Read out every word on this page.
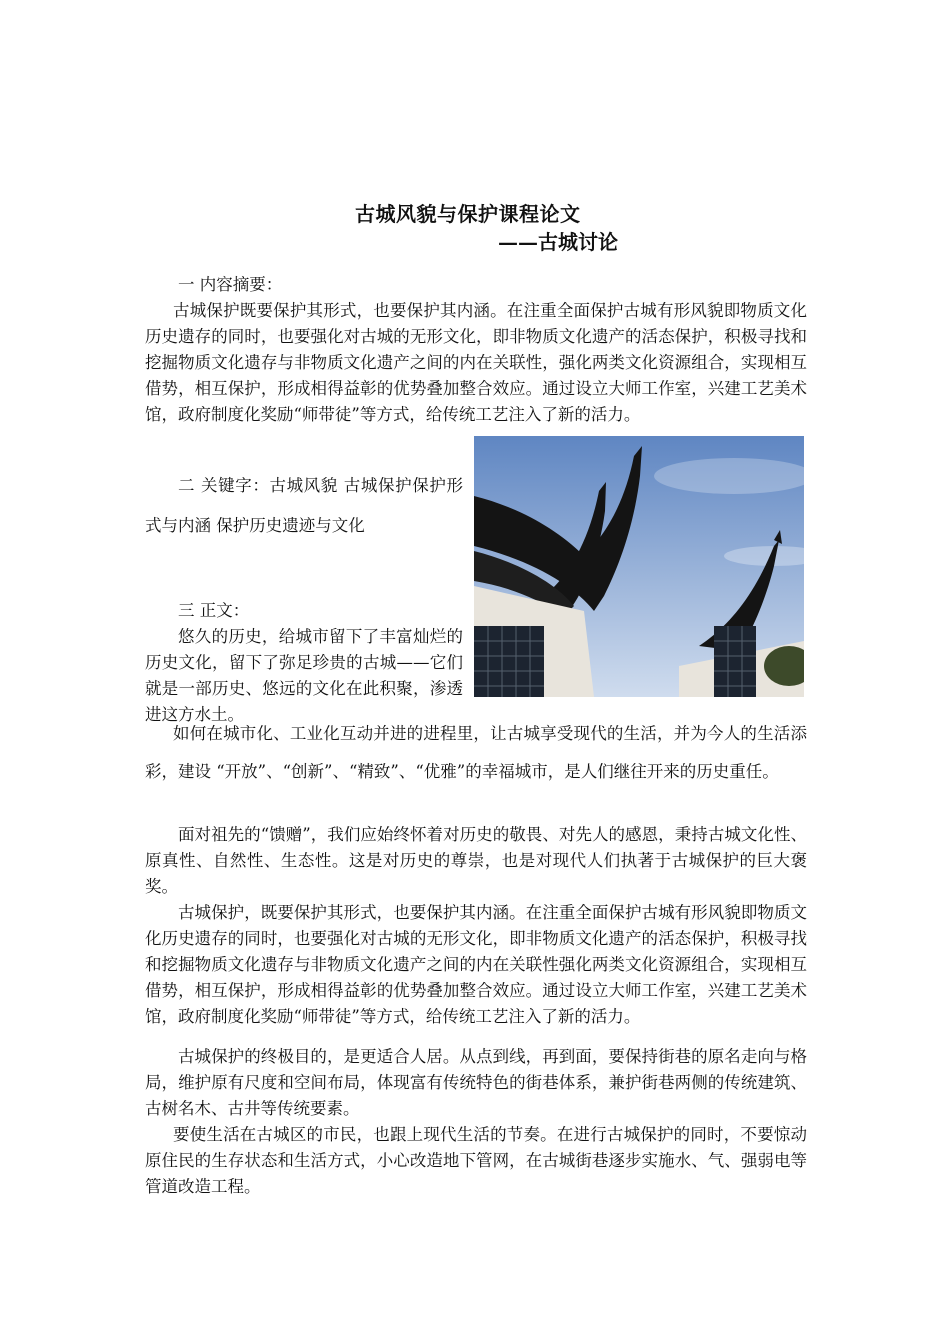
古城风貌与保护课程论文
——古城讨论

一 内容摘要：

古城保护既要保护其形式，也要保护其内涵。在注重全面保护古城有形风貌即物质文化历史遗存的同时，也要强化对古城的无形文化，即非物质文化遗产的活态保护，积极寻找和挖掘物质文化遗存与非物质文化遗产之间的内在关联性，强化两类文化资源组合，实现相互借势，相互保护，形成相得益彰的优势叠加整合效应。通过设立大师工作室，兴建工艺美术馆，政府制度化奖励“师带徒”等方式，给传统工艺注入了新的活力。

二 关键字：古城风貌 古城保护保护形式与内涵 保护历史遗迹与文化

三 正文：

悠久的历史，给城市留下了丰富灿烂的历史文化，留下了弥足珍贵的古城——它们就是一部历史、悠远的文化在此积聚，渗透进这方水土。

如何在城市化、工业化互动并进的进程里，让古城享受现代的生活，并为今人的生活添彩，建设 “开放”、“创新”、“精致”、“优雅”的幸福城市，是人们继往开来的历史重任。

面对祖先的“馈赠”，我们应始终怀着对历史的敬畏、对先人的感恩，秉持古城文化性、原真性、自然性、生态性。这是对历史的尊崇，也是对现代人们执著于古城保护的巨大褒奖。

古城保护，既要保护其形式，也要保护其内涵。在注重全面保护古城有形风貌即物质文化历史遗存的同时，也要强化对古城的无形文化，即非物质文化遗产的活态保护，积极寻找和挖掘物质文化遗存与非物质文化遗产之间的内在关联性强化两类文化资源组合，实现相互借势，相互保护，形成相得益彰的优势叠加整合效应。通过设立大师工作室，兴建工艺美术馆，政府制度化奖励“师带徒”等方式，给传统工艺注入了新的活力。

古城保护的终极目的，是更适合人居。从点到线，再到面，要保持街巷的原名走向与格局，维护原有尺度和空间布局，体现富有传统特色的街巷体系，兼护街巷两侧的传统建筑、古树名木、古井等传统要素。

要使生活在古城区的市民，也跟上现代生活的节奏。在进行古城保护的同时，不要惊动原住民的生存状态和生活方式，小心改造地下管网，在古城街巷逐步实施水、气、强弱电等管道改造工程。
